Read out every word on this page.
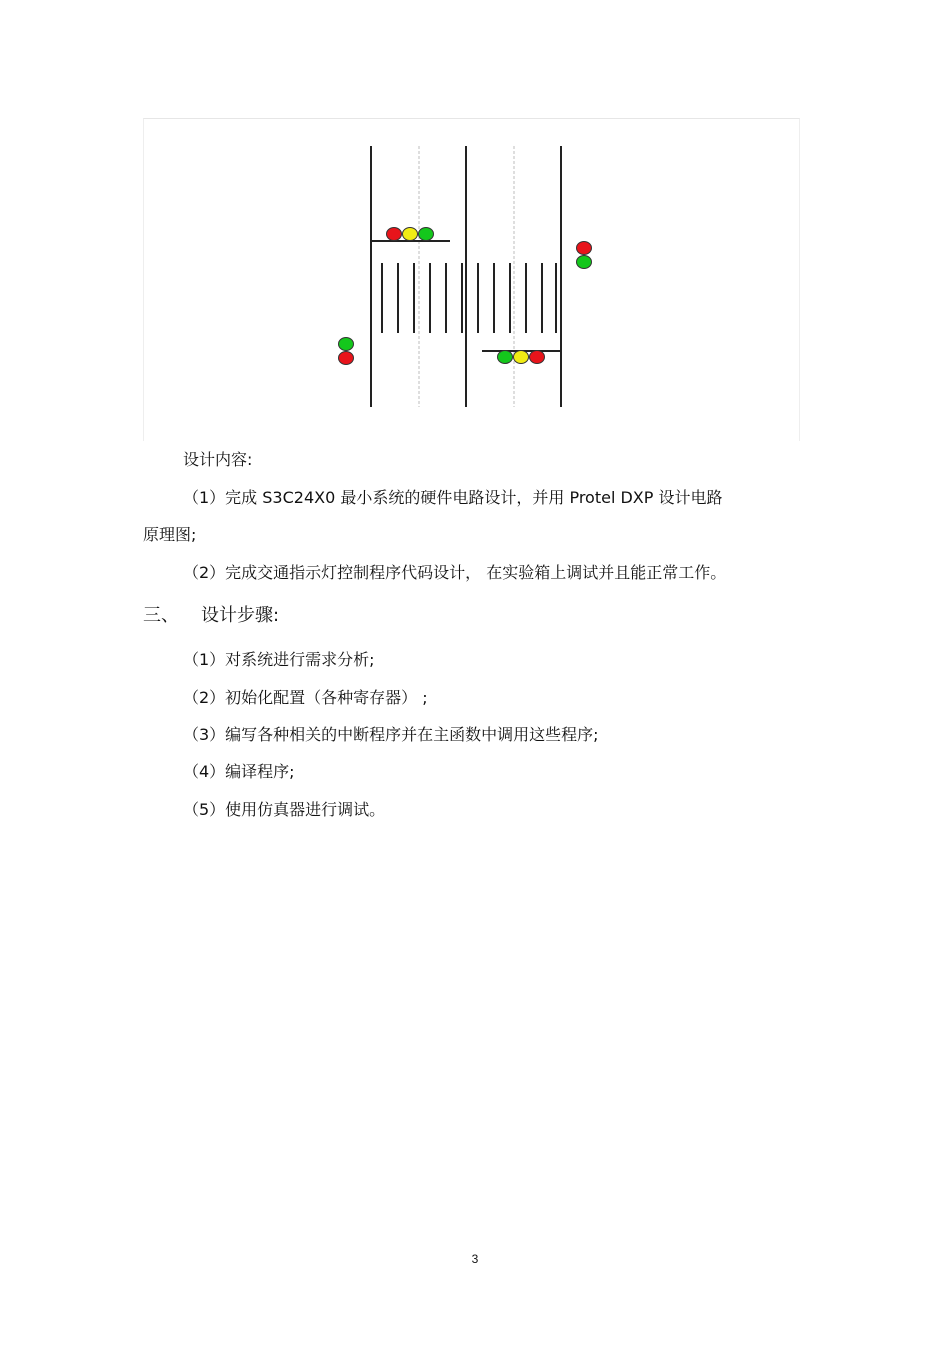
设计内容:
（1）完成 S3C24X0 最小系统的硬件电路设计，并用 Protel DXP 设计电路
原理图;
（2）完成交通指示灯控制程序代码设计， 在实验箱上调试并且能正常工作。
三、 设计步骤:
（1）对系统进行需求分析;
（2）初始化配置（各种寄存器） ;
（3）编写各种相关的中断程序并在主函数中调用这些程序;
（4）编译程序;
（5）使用仿真器进行调试。
3
